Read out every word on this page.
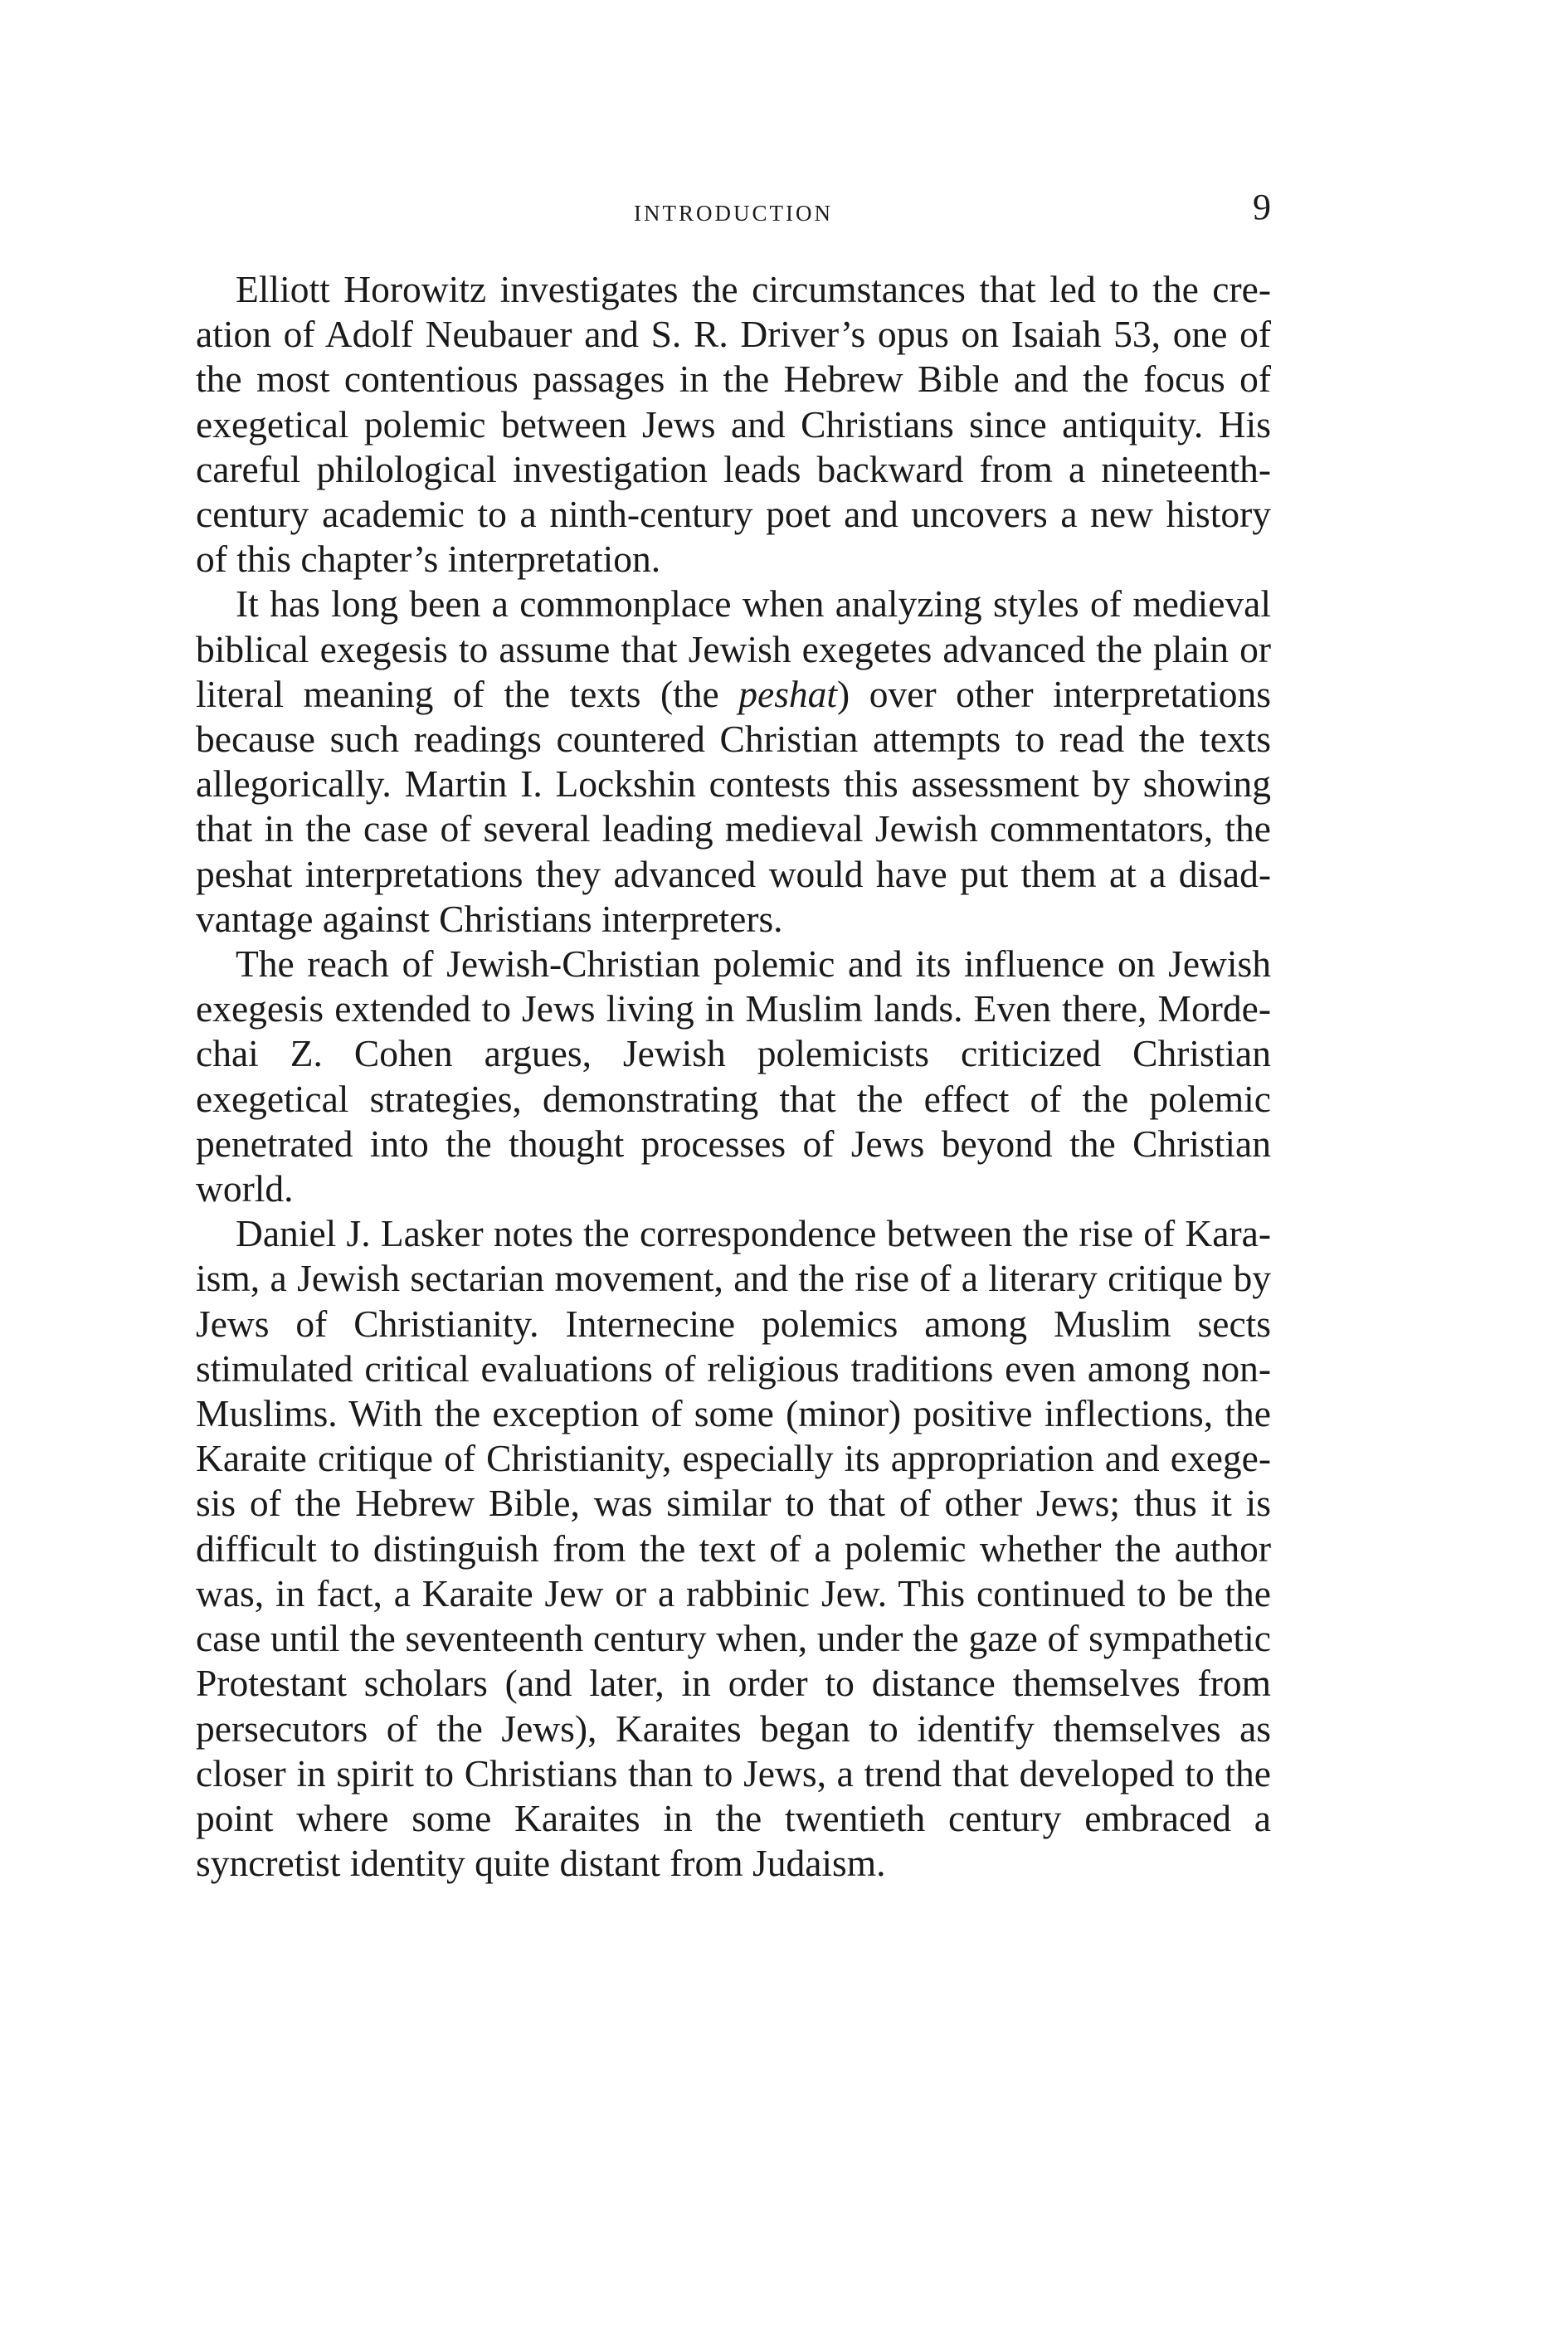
introduction	9

Elliott Horowitz investigates the circumstances that led to the creation of Adolf Neubauer and S. R. Driver’s opus on Isaiah 53, one of the most contentious passages in the Hebrew Bible and the focus of exegetical polemic between Jews and Christians since antiquity. His careful philological investigation leads backward from a nineteenth-century academic to a ninth-century poet and uncovers a new history of this chapter’s interpretation.

It has long been a commonplace when analyzing styles of medieval biblical exegesis to assume that Jewish exegetes advanced the plain or literal meaning of the texts (the peshat) over other interpretations because such readings countered Christian attempts to read the texts allegorically. Martin I. Lockshin contests this assessment by showing that in the case of several leading medieval Jewish commentators, the peshat interpretations they advanced would have put them at a disadvantage against Christians interpreters.

The reach of Jewish-Christian polemic and its influence on Jewish exegesis extended to Jews living in Muslim lands. Even there, Mordechai Z. Cohen argues, Jewish polemicists criticized Christian exegetical strategies, demonstrating that the effect of the polemic penetrated into the thought processes of Jews beyond the Christian world.

Daniel J. Lasker notes the correspondence between the rise of Karaism, a Jewish sectarian movement, and the rise of a literary critique by Jews of Christianity. Internecine polemics among Muslim sects stimulated critical evaluations of religious traditions even among non-Muslims. With the exception of some (minor) positive inflections, the Karaite critique of Christianity, especially its appropriation and exegesis of the Hebrew Bible, was similar to that of other Jews; thus it is difficult to distinguish from the text of a polemic whether the author was, in fact, a Karaite Jew or a rabbinic Jew. This continued to be the case until the seventeenth century when, under the gaze of sympathetic Protestant scholars (and later, in order to distance themselves from persecutors of the Jews), Karaites began to identify themselves as closer in spirit to Christians than to Jews, a trend that developed to the point where some Karaites in the twentieth century embraced a syncretist identity quite distant from Judaism.
